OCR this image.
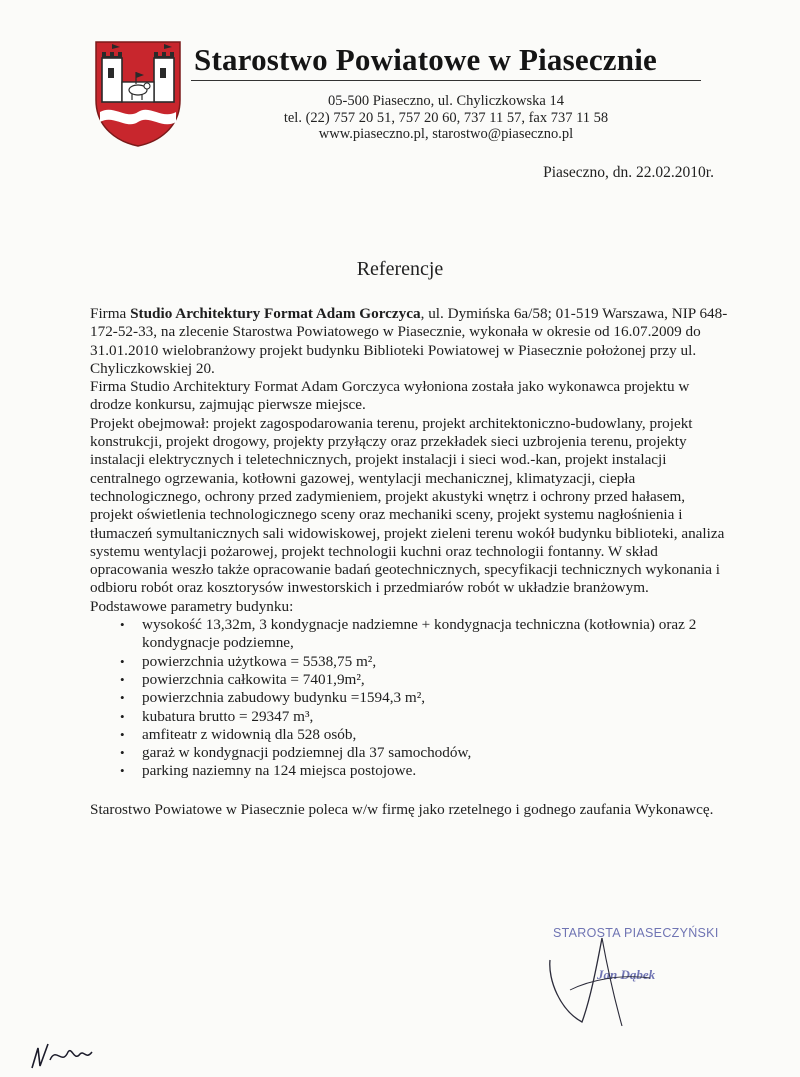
Starostwo Powiatowe w Piasecznie
05-500 Piaseczno, ul. Chyliczkowska 14
tel. (22) 757 20 51, 757 20 60, 737 11 57, fax 737 11 58
www.piaseczno.pl, starostwo@piaseczno.pl
Piaseczno, dn. 22.02.2010r.
Referencje

Firma Studio Architektury Format Adam Gorczyca, ul. Dymińska 6a/58; 01-519 Warszawa, NIP 648-172-52-33, na zlecenie Starostwa Powiatowego w Piasecznie, wykonała w okresie od 16.07.2009 do 31.01.2010 wielobranżowy projekt budynku Biblioteki Powiatowej w Piasecznie położonej przy ul. Chyliczkowskiej 20.

Firma Studio Architektury Format Adam Gorczyca wyłoniona została jako wykonawca projektu w drodze konkursu, zajmując pierwsze miejsce.

Projekt obejmował: projekt zagospodarowania terenu, projekt architektoniczno-budowlany, projekt konstrukcji, projekt drogowy, projekty przyłączy oraz przekładek sieci uzbrojenia terenu, projekty instalacji elektrycznych i teletechnicznych, projekt instalacji i sieci wod.-kan, projekt instalacji centralnego ogrzewania, kotłowni gazowej, wentylacji mechanicznej, klimatyzacji, ciepła technologicznego, ochrony przed zadymieniem, projekt akustyki wnętrz i ochrony przed hałasem, projekt oświetlenia technologicznego sceny oraz mechaniki sceny, projekt systemu nagłośnienia i tłumaczeń symultanicznych sali widowiskowej, projekt zieleni terenu wokół budynku biblioteki, analiza systemu wentylacji pożarowej, projekt technologii kuchni oraz technologii fontanny. W skład opracowania weszło także opracowanie badań geotechnicznych, specyfikacji technicznych wykonania i odbioru robót oraz kosztorysów inwestorskich i przedmiarów robót w układzie branżowym.

Podstawowe parametry budynku:

• wysokość 13,32m, 3 kondygnacje nadziemne + kondygnacja techniczna (kotłownia) oraz 2 kondygnacje podziemne,
• powierzchnia użytkowa = 5538,75 m²,
• powierzchnia całkowita = 7401,9m²,
• powierzchnia zabudowy budynku =1594,3 m²,
• kubatura brutto = 29347 m³,
• amfiteatr z widownią dla 528 osób,
• garaż w kondygnacji podziemnej dla 37 samochodów,
• parking naziemny na 124 miejsca postojowe.

Starostwo Powiatowe w Piasecznie poleca w/w firmę jako rzetelnego i godnego zaufania Wykonawcę.

STAROSTA PIASECZYŃSKI
Jan Dąbek
